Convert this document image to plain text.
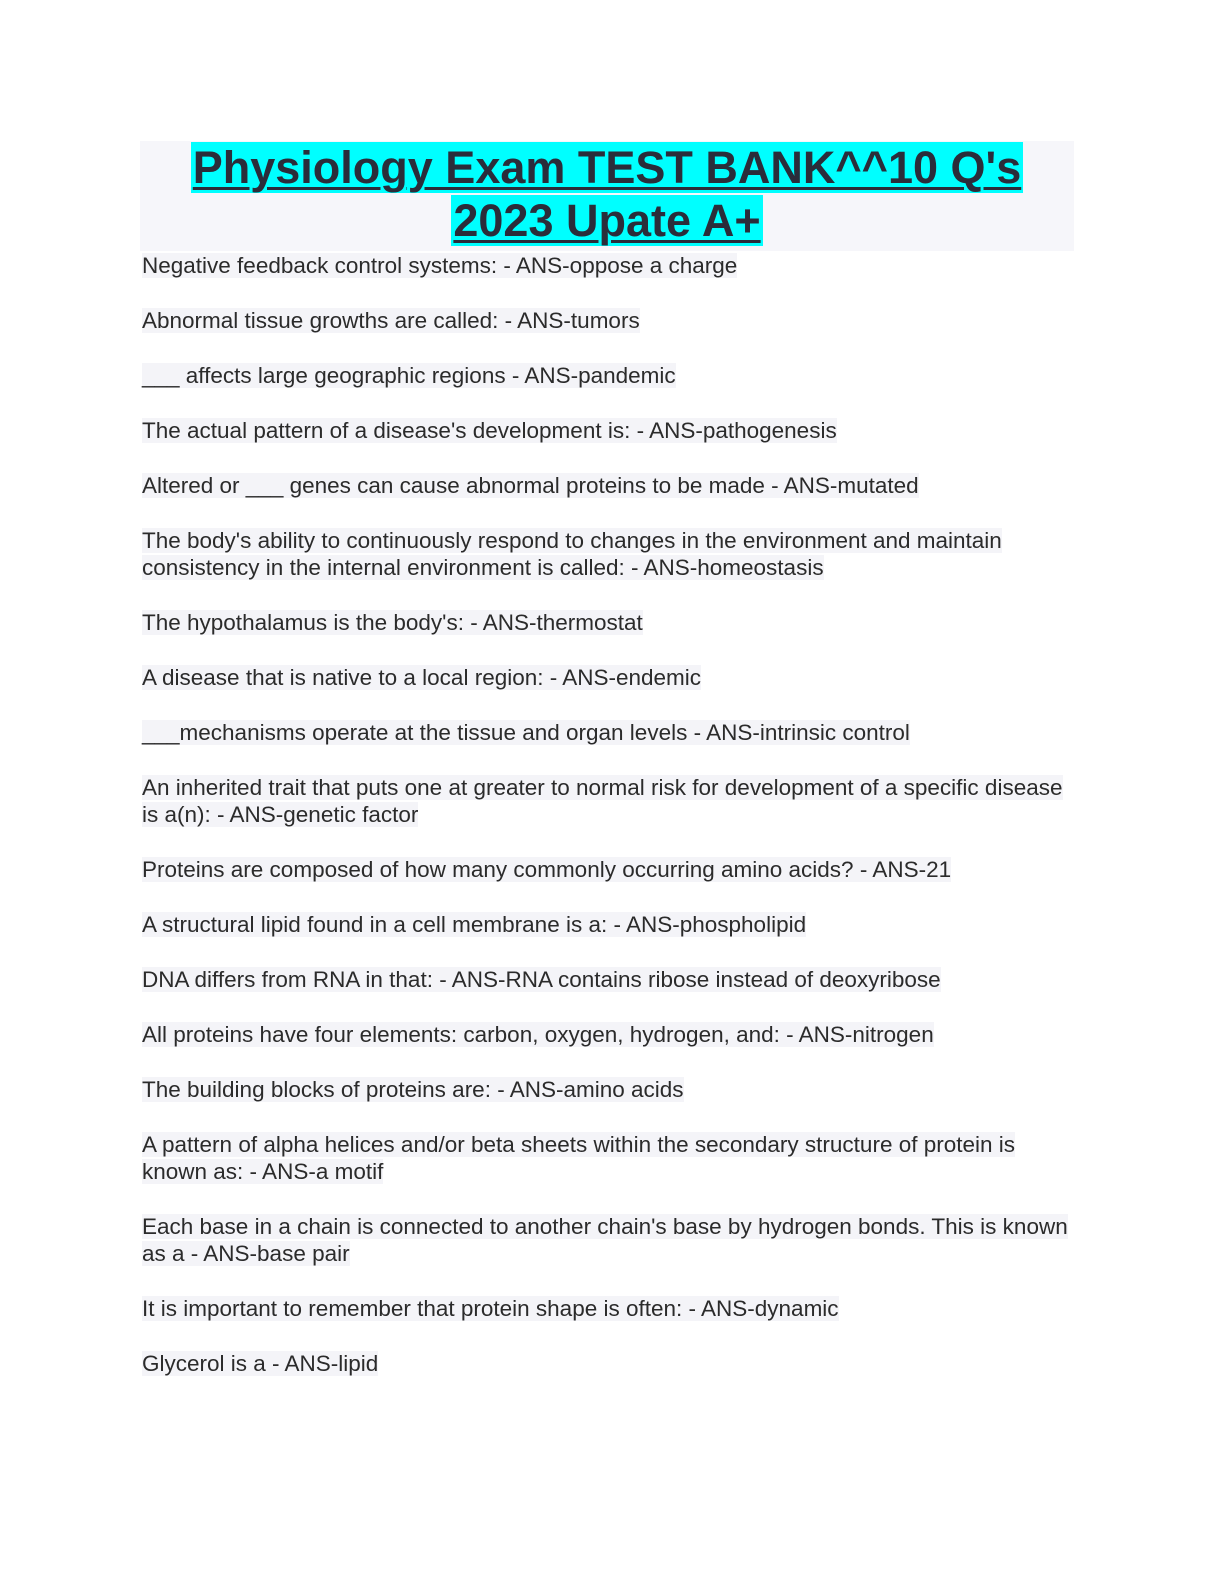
Physiology Exam TEST BANK^^10 Q's
2023 Upate A+
Negative feedback control systems: - ANS-oppose a charge
Abnormal tissue growths are called: - ANS-tumors
___ affects large geographic regions - ANS-pandemic
The actual pattern of a disease's development is: - ANS-pathogenesis
Altered or ___ genes can cause abnormal proteins to be made - ANS-mutated
The body's ability to continuously respond to changes in the environment and maintain consistency in the internal environment is called: - ANS-homeostasis
The hypothalamus is the body's: - ANS-thermostat
A disease that is native to a local region: - ANS-endemic
___mechanisms operate at the tissue and organ levels - ANS-intrinsic control
An inherited trait that puts one at greater to normal risk for development of a specific disease is a(n): - ANS-genetic factor
Proteins are composed of how many commonly occurring amino acids? - ANS-21
A structural lipid found in a cell membrane is a: - ANS-phospholipid
DNA differs from RNA in that: - ANS-RNA contains ribose instead of deoxyribose
All proteins have four elements: carbon, oxygen, hydrogen, and: - ANS-nitrogen
The building blocks of proteins are: - ANS-amino acids
A pattern of alpha helices and/or beta sheets within the secondary structure of protein is known as: - ANS-a motif
Each base in a chain is connected to another chain's base by hydrogen bonds. This is known as a - ANS-base pair
It is important to remember that protein shape is often: - ANS-dynamic
Glycerol is a - ANS-lipid
